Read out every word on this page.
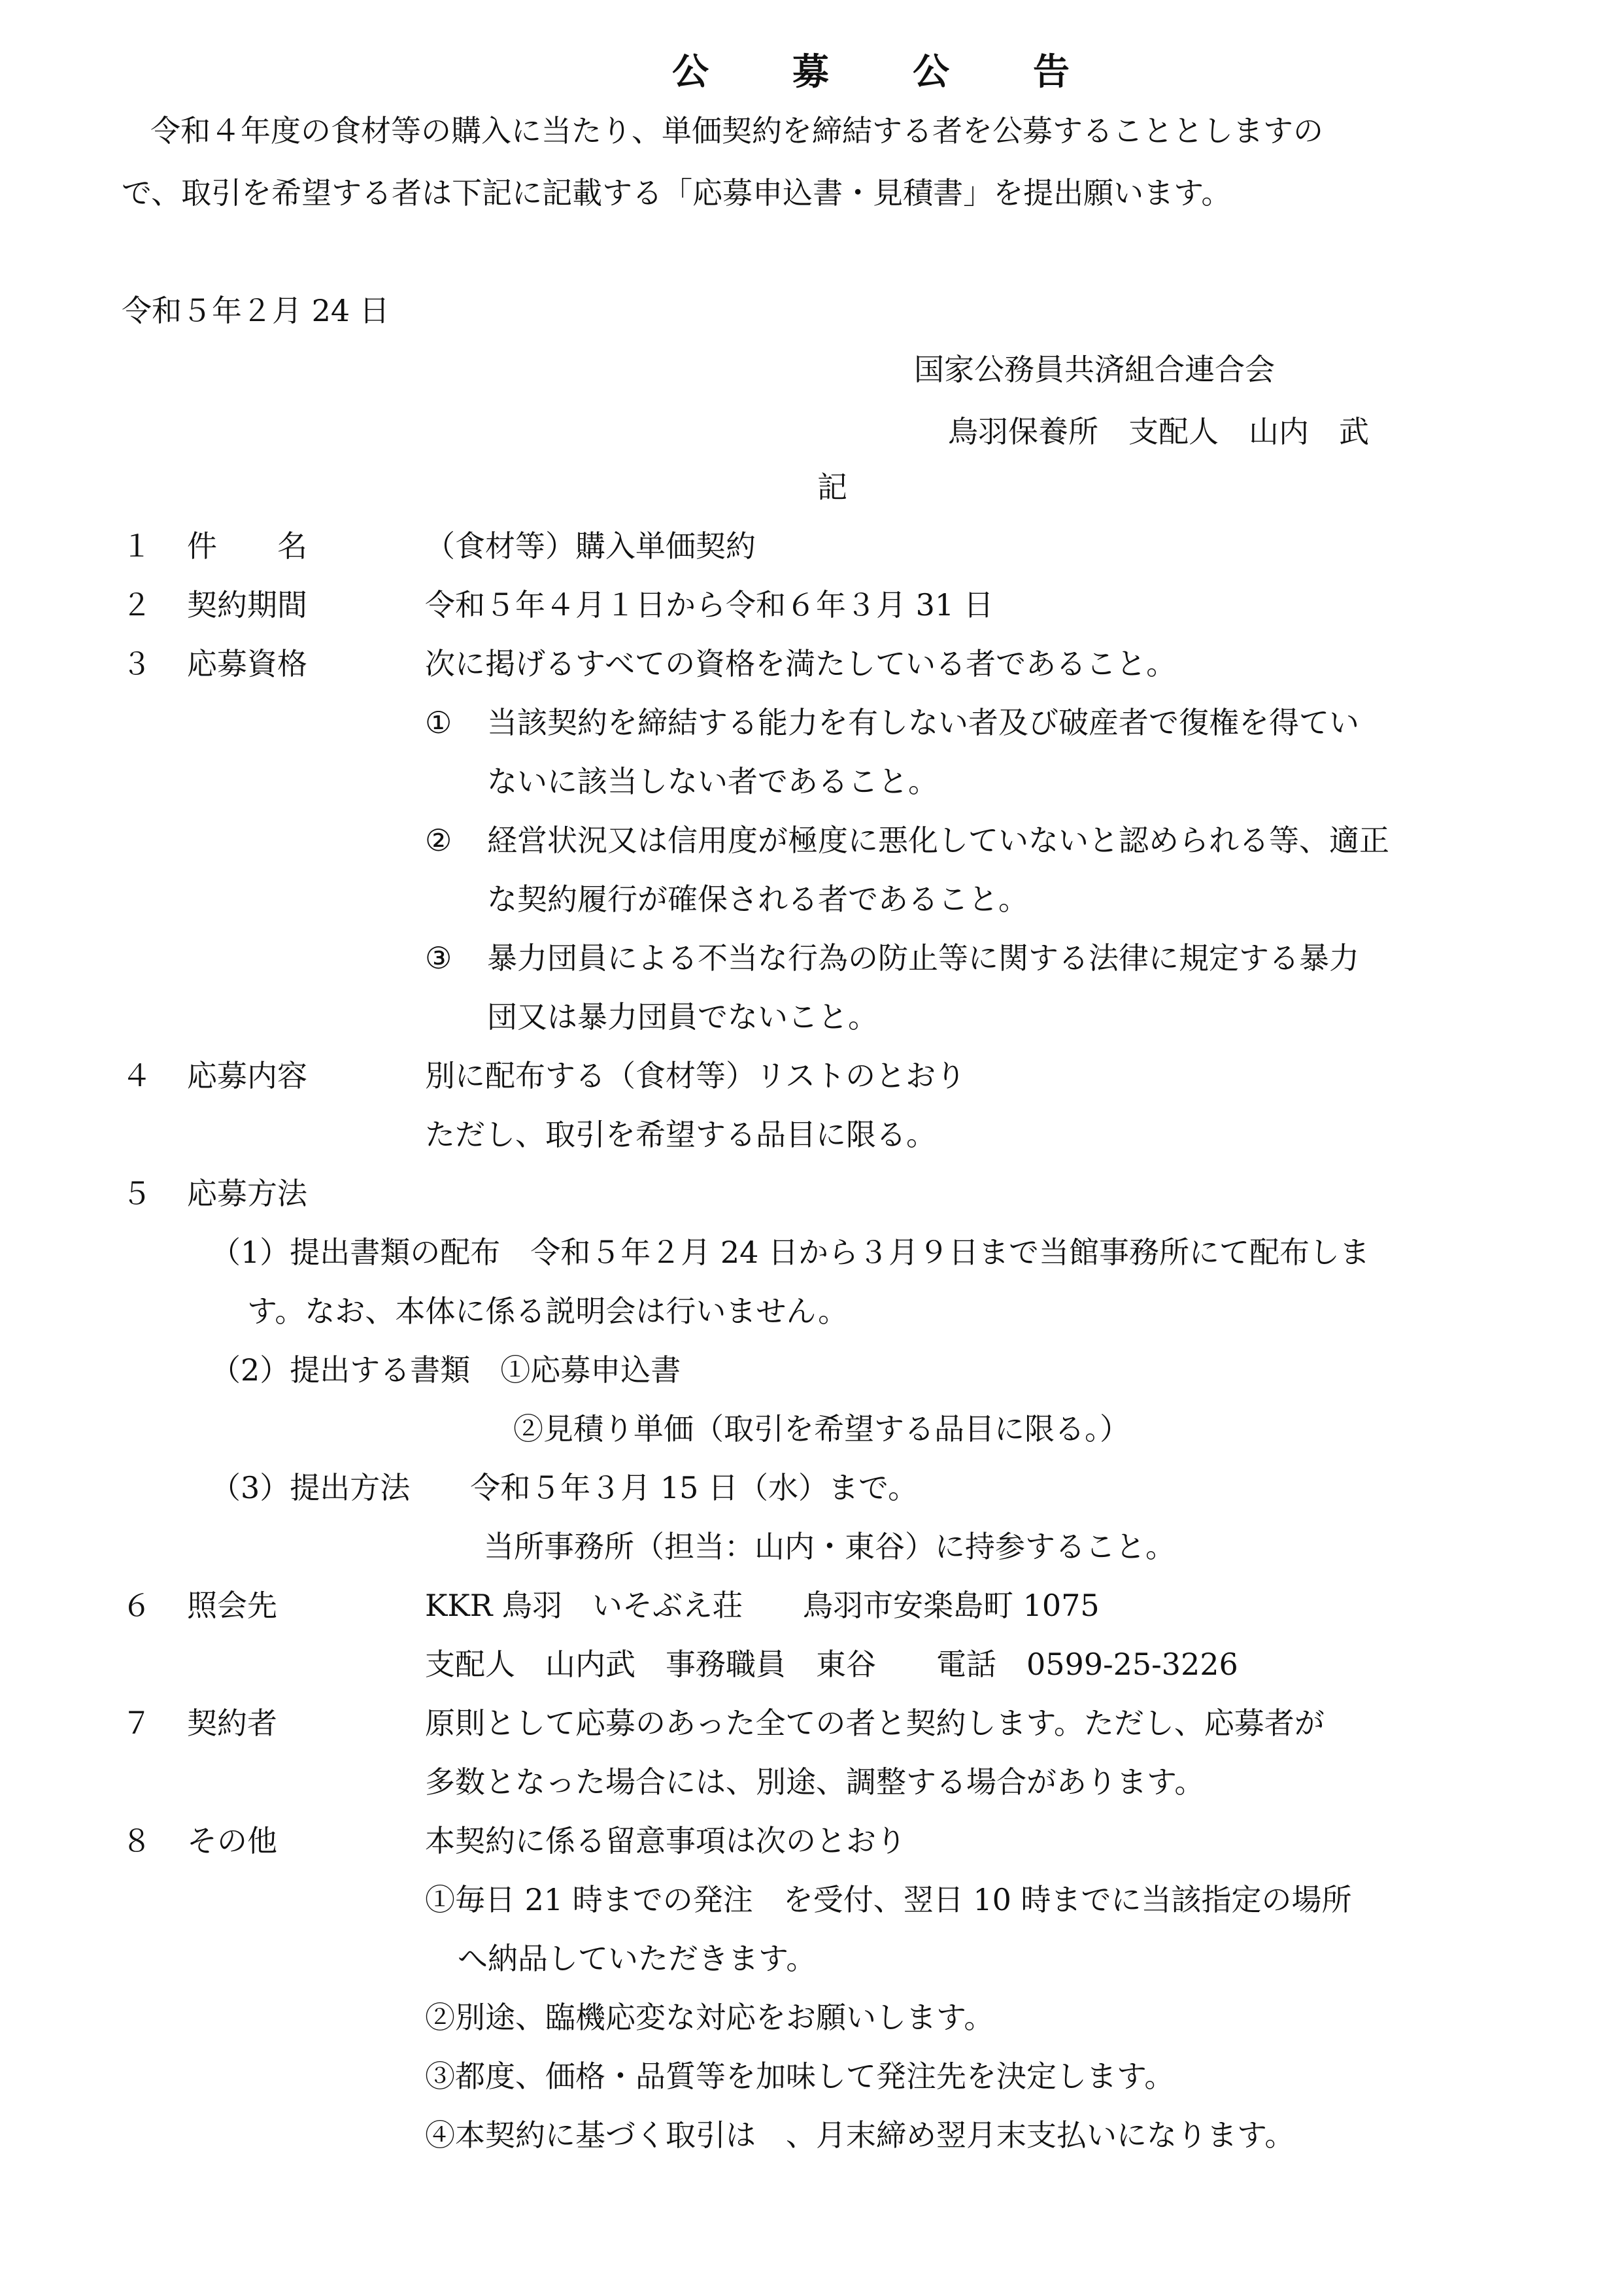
公　募　公　告

令和４年度の食材等の購入に当たり、単価契約を締結する者を公募することとしますの

で、取引を希望する者は下記に記載する「応募申込書・見積書」を提出願います。

令和５年２月 24 日

国家公務員共済組合連合会

鳥羽保養所　支配人　山内　武

記

１ 件　　名	（食材等）購入単価契約

２ 契約期間	令和５年４月１日から令和６年３月 31 日

３ 応募資格	次に掲げるすべての資格を満たしている者であること。

① 当該契約を締結する能力を有しない者及び破産者で復権を得てい

ないに該当しない者であること。

② 経営状況又は信用度が極度に悪化していないと認められる等、適正

な契約履行が確保される者であること。

③ 暴力団員による不当な行為の防止等に関する法律に規定する暴力

団又は暴力団員でないこと。

４ 応募内容	別に配布する（食材等）リストのとおり

ただし、取引を希望する品目に限る。

５ 応募方法

（1）提出書類の配布　令和５年２月 24 日から３月９日まで当館事務所にて配布しま

す。なお、本体に係る説明会は行いません。

（2）提出する書類　①応募申込書

②見積り単価（取引を希望する品目に限る。）

（3）提出方法　　令和５年３月 15 日（水）まで。

当所事務所（担当：山内・東谷）に持参すること。

６ 照会先	KKR 鳥羽　いそぶえ荘　　鳥羽市安楽島町 1075

支配人　山内武　事務職員　東谷　　電話　0599-25-3226

７ 契約者	原則として応募のあった全ての者と契約します。ただし、応募者が

多数となった場合には、別途、調整する場合があります。

８ その他	本契約に係る留意事項は次のとおり

①毎日 21 時までの発注　を受付、翌日 10 時までに当該指定の場所

へ納品していただきます。

②別途、臨機応変な対応をお願いします。

③都度、価格・品質等を加味して発注先を決定します。

④本契約に基づく取引は　、月末締め翌月末支払いになります。
